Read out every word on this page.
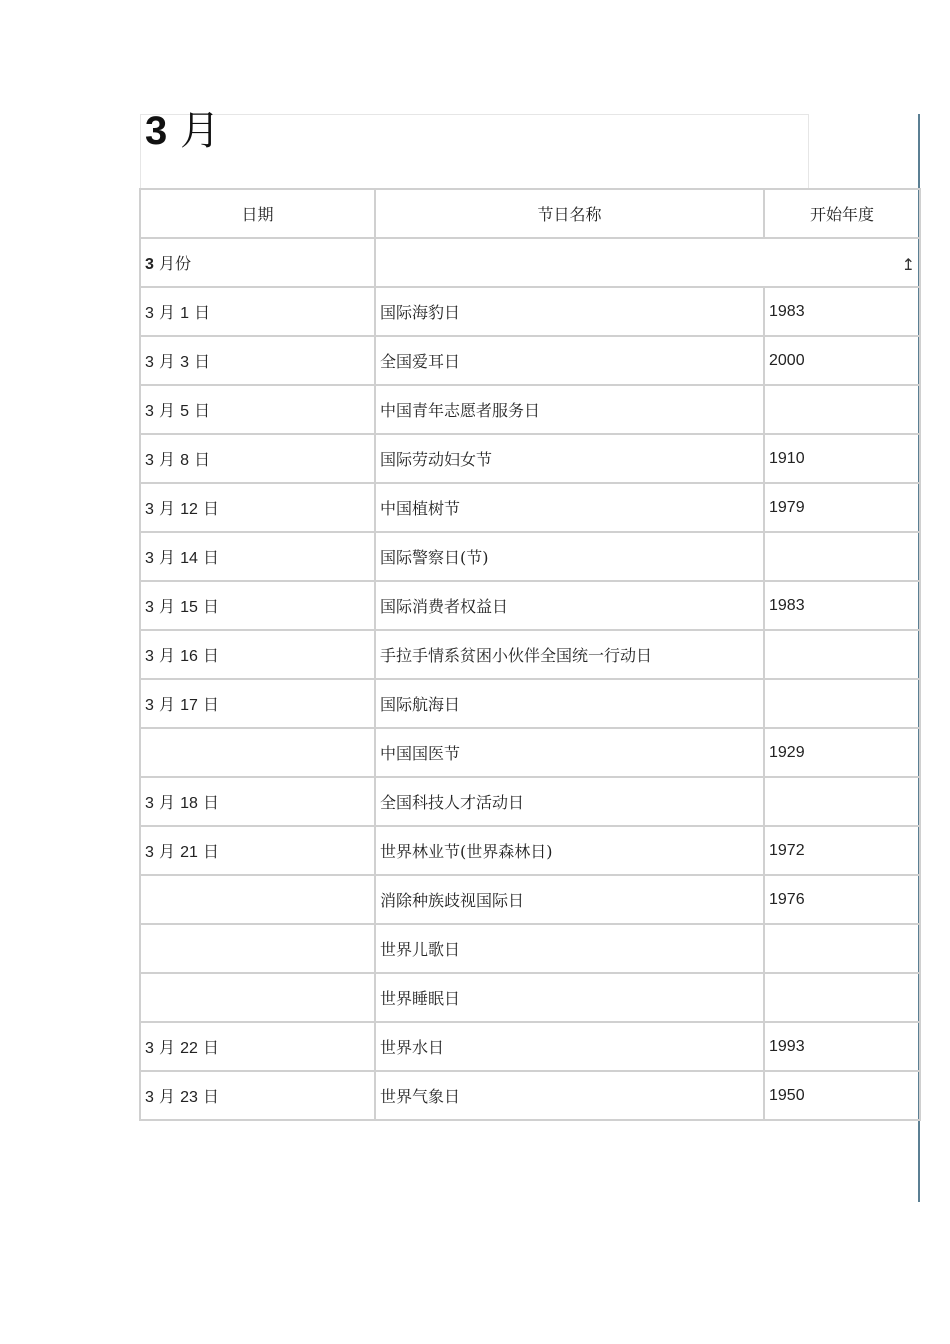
3 月
日期	节日名称	开始年度
3 月份	↥	

3 月 1 日	国际海豹日	1983
3 月 3 日	全国爱耳日	2000
3 月 5 日	中国青年志愿者服务日	
3 月 8 日	国际劳动妇女节	1910
3 月 12 日	中国植树节	1979
3 月 14 日	国际警察日(节)	
3 月 15 日	国际消费者权益日	1983
3 月 16 日	手拉手情系贫困小伙伴全国统一行动日	
3 月 17 日	国际航海日	
	中国国医节	1929
3 月 18 日	全国科技人才活动日	
3 月 21 日	世界林业节(世界森林日)	1972
	消除种族歧视国际日	1976
	世界儿歌日	
	世界睡眠日	
3 月 22 日	世界水日	1993
3 月 23 日	世界气象日	1950
